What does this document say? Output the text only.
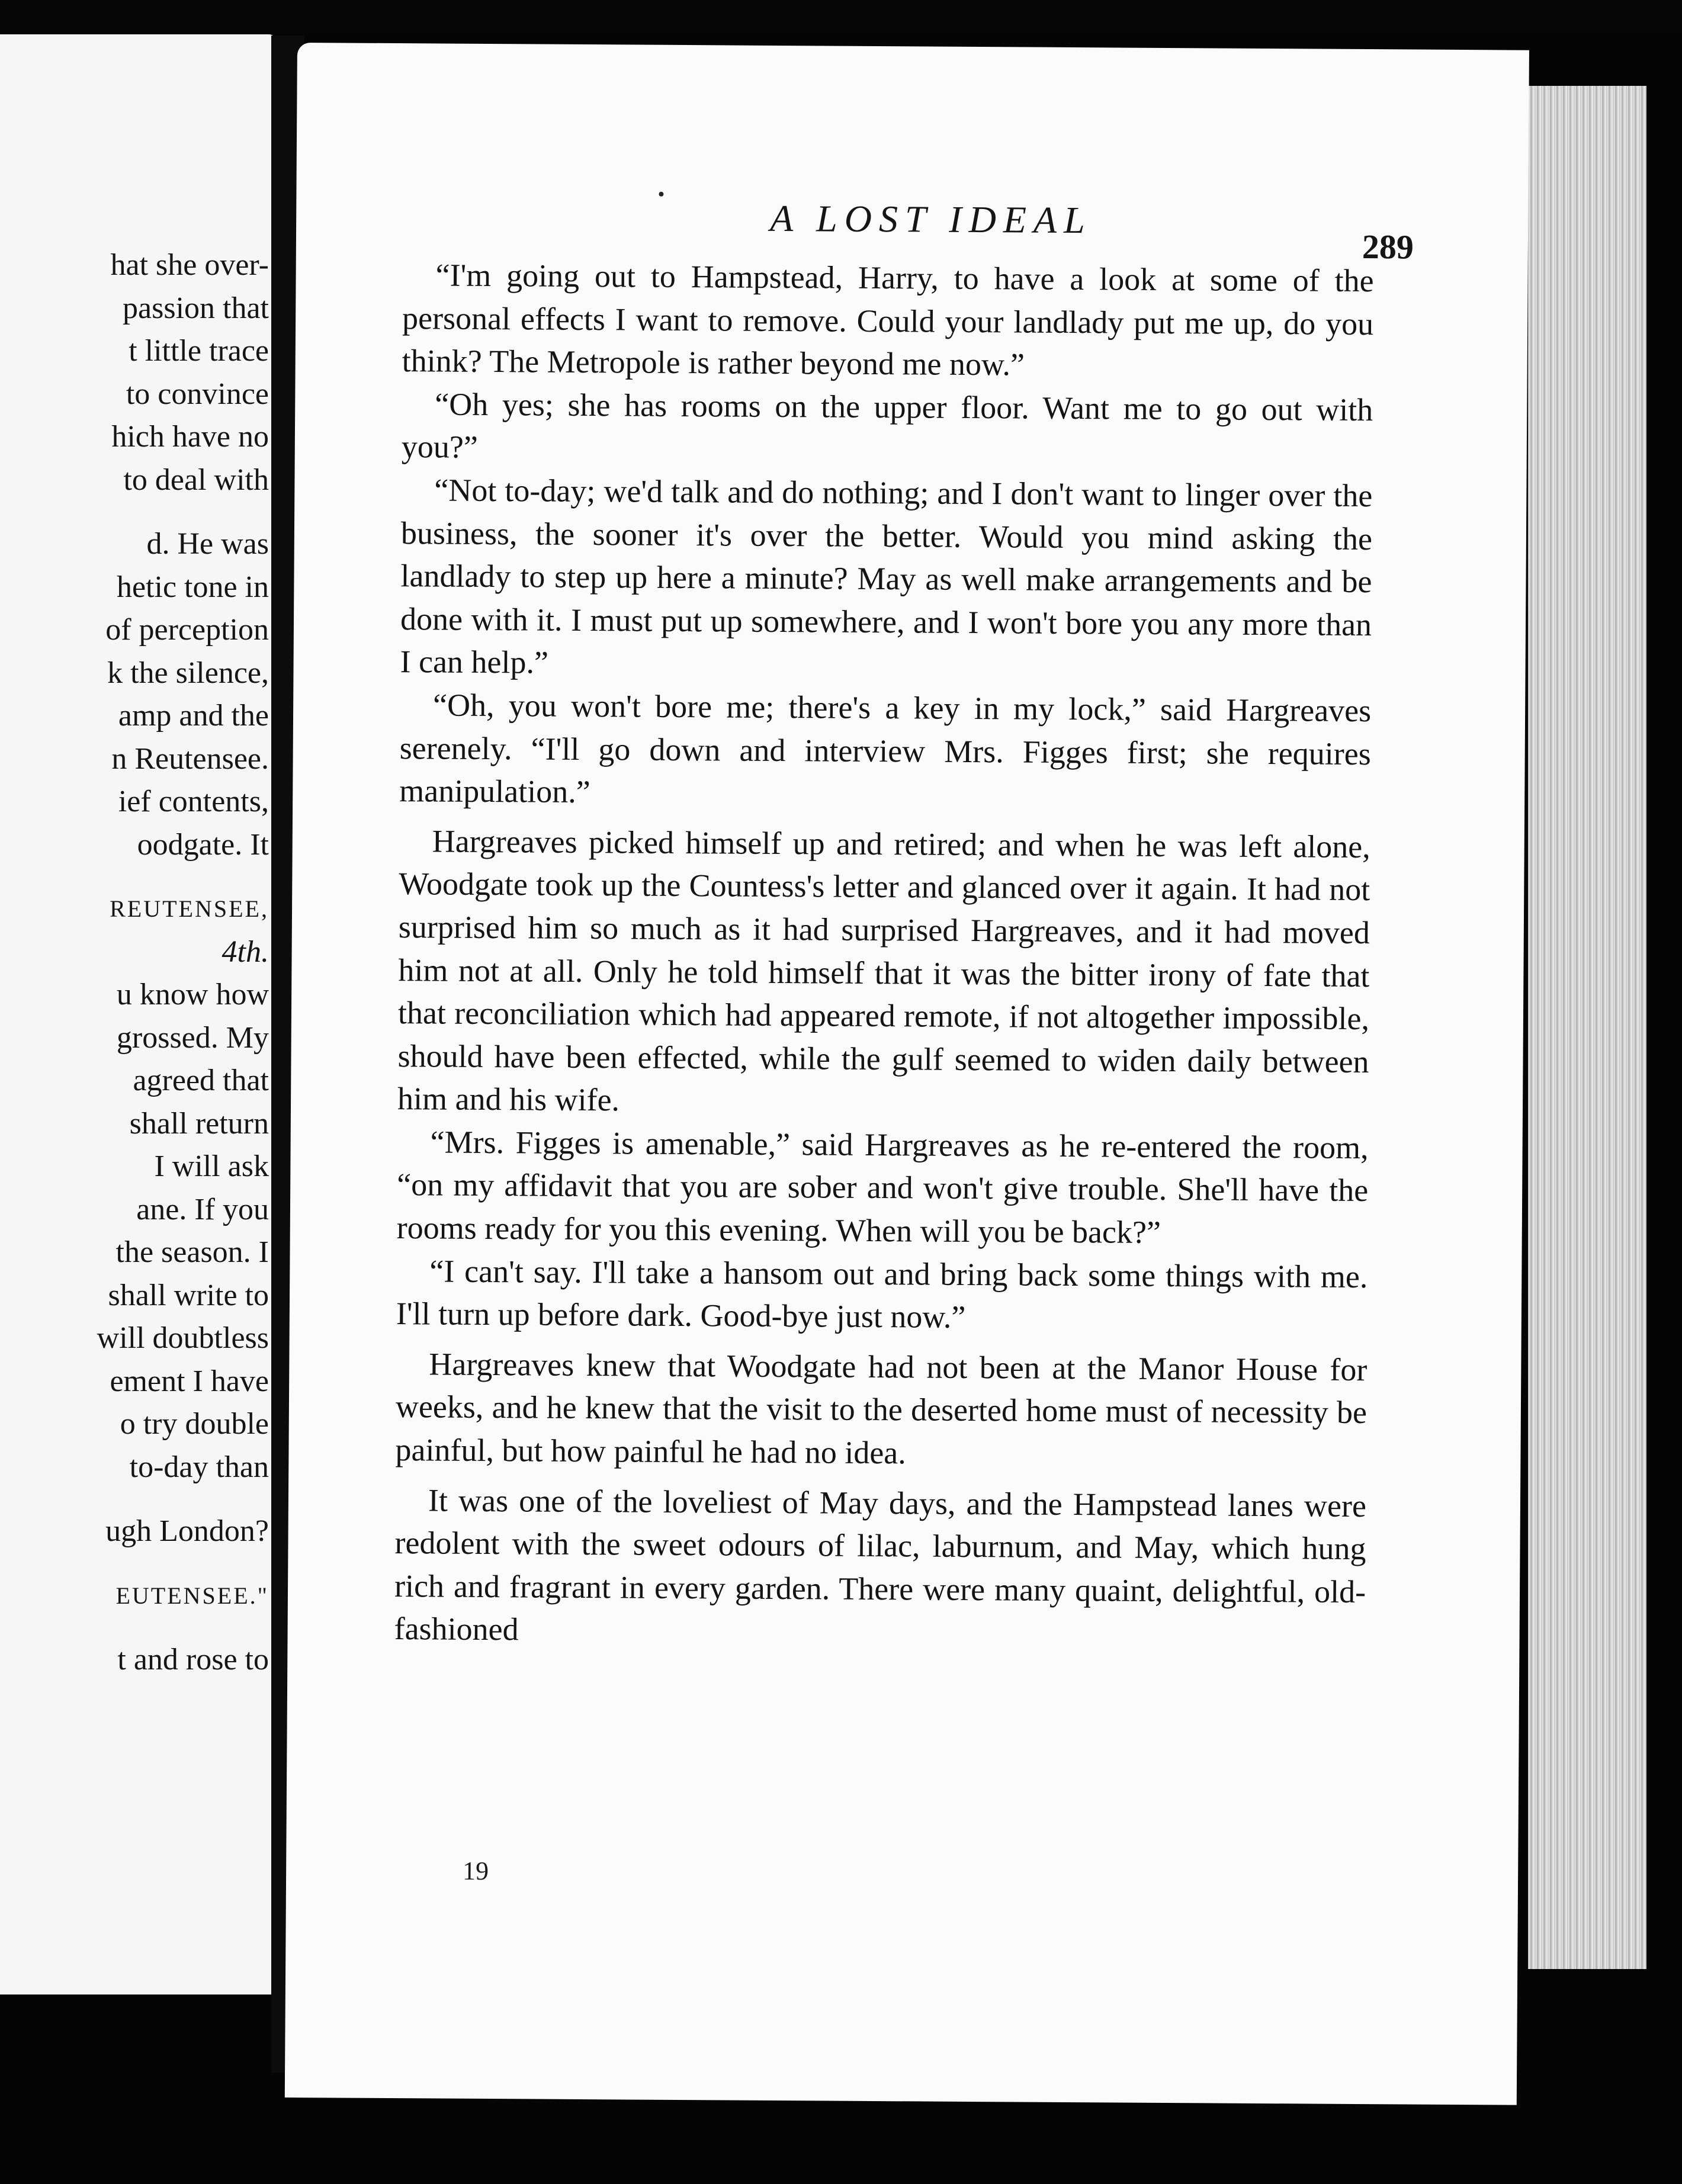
hat she over-
passion that
t little trace
to convince
hich have no
to deal with
d. He was
hetic tone in
of perception
k the silence,
amp and the
n Reutensee.
ief contents,
oodgate. It
REUTENSEE,
4th.
u know how
grossed. My
agreed that
shall return
I will ask
ane. If you
the season. I
shall write to
will doubtless
ement I have
o try double
to-day than
ugh London?
EUTENSEE."
t and rose to
A LOST IDEAL
289

“I'm going out to Hampstead, Harry, to have a look at some of the personal effects I want to remove. Could your landlady put me up, do you think? The Metropole is rather beyond me now.”

“Oh yes; she has rooms on the upper floor. Want me to go out with you?”

“Not to-day; we'd talk and do nothing; and I don't want to linger over the business, the sooner it's over the better. Would you mind asking the landlady to step up here a minute? May as well make arrangements and be done with it. I must put up somewhere, and I won't bore you any more than I can help.”

“Oh, you won't bore me; there's a key in my lock,” said Hargreaves serenely. “I'll go down and interview Mrs. Figges first; she requires manipulation.”

Hargreaves picked himself up and retired; and when he was left alone, Woodgate took up the Countess's letter and glanced over it again. It had not surprised him so much as it had surprised Hargreaves, and it had moved him not at all. Only he told himself that it was the bitter irony of fate that that reconciliation which had appeared remote, if not altogether impossible, should have been effected, while the gulf seemed to widen daily between him and his wife.

“Mrs. Figges is amenable,” said Hargreaves as he re-entered the room, “on my affidavit that you are sober and won't give trouble. She'll have the rooms ready for you this evening. When will you be back?”

“I can't say. I'll take a hansom out and bring back some things with me. I'll turn up before dark. Good-bye just now.”

Hargreaves knew that Woodgate had not been at the Manor House for weeks, and he knew that the visit to the deserted home must of necessity be painful, but how painful he had no idea.

It was one of the loveliest of May days, and the Hampstead lanes were redolent with the sweet odours of lilac, laburnum, and May, which hung rich and fragrant in every garden. There were many quaint, delightful, old-fashioned

19
